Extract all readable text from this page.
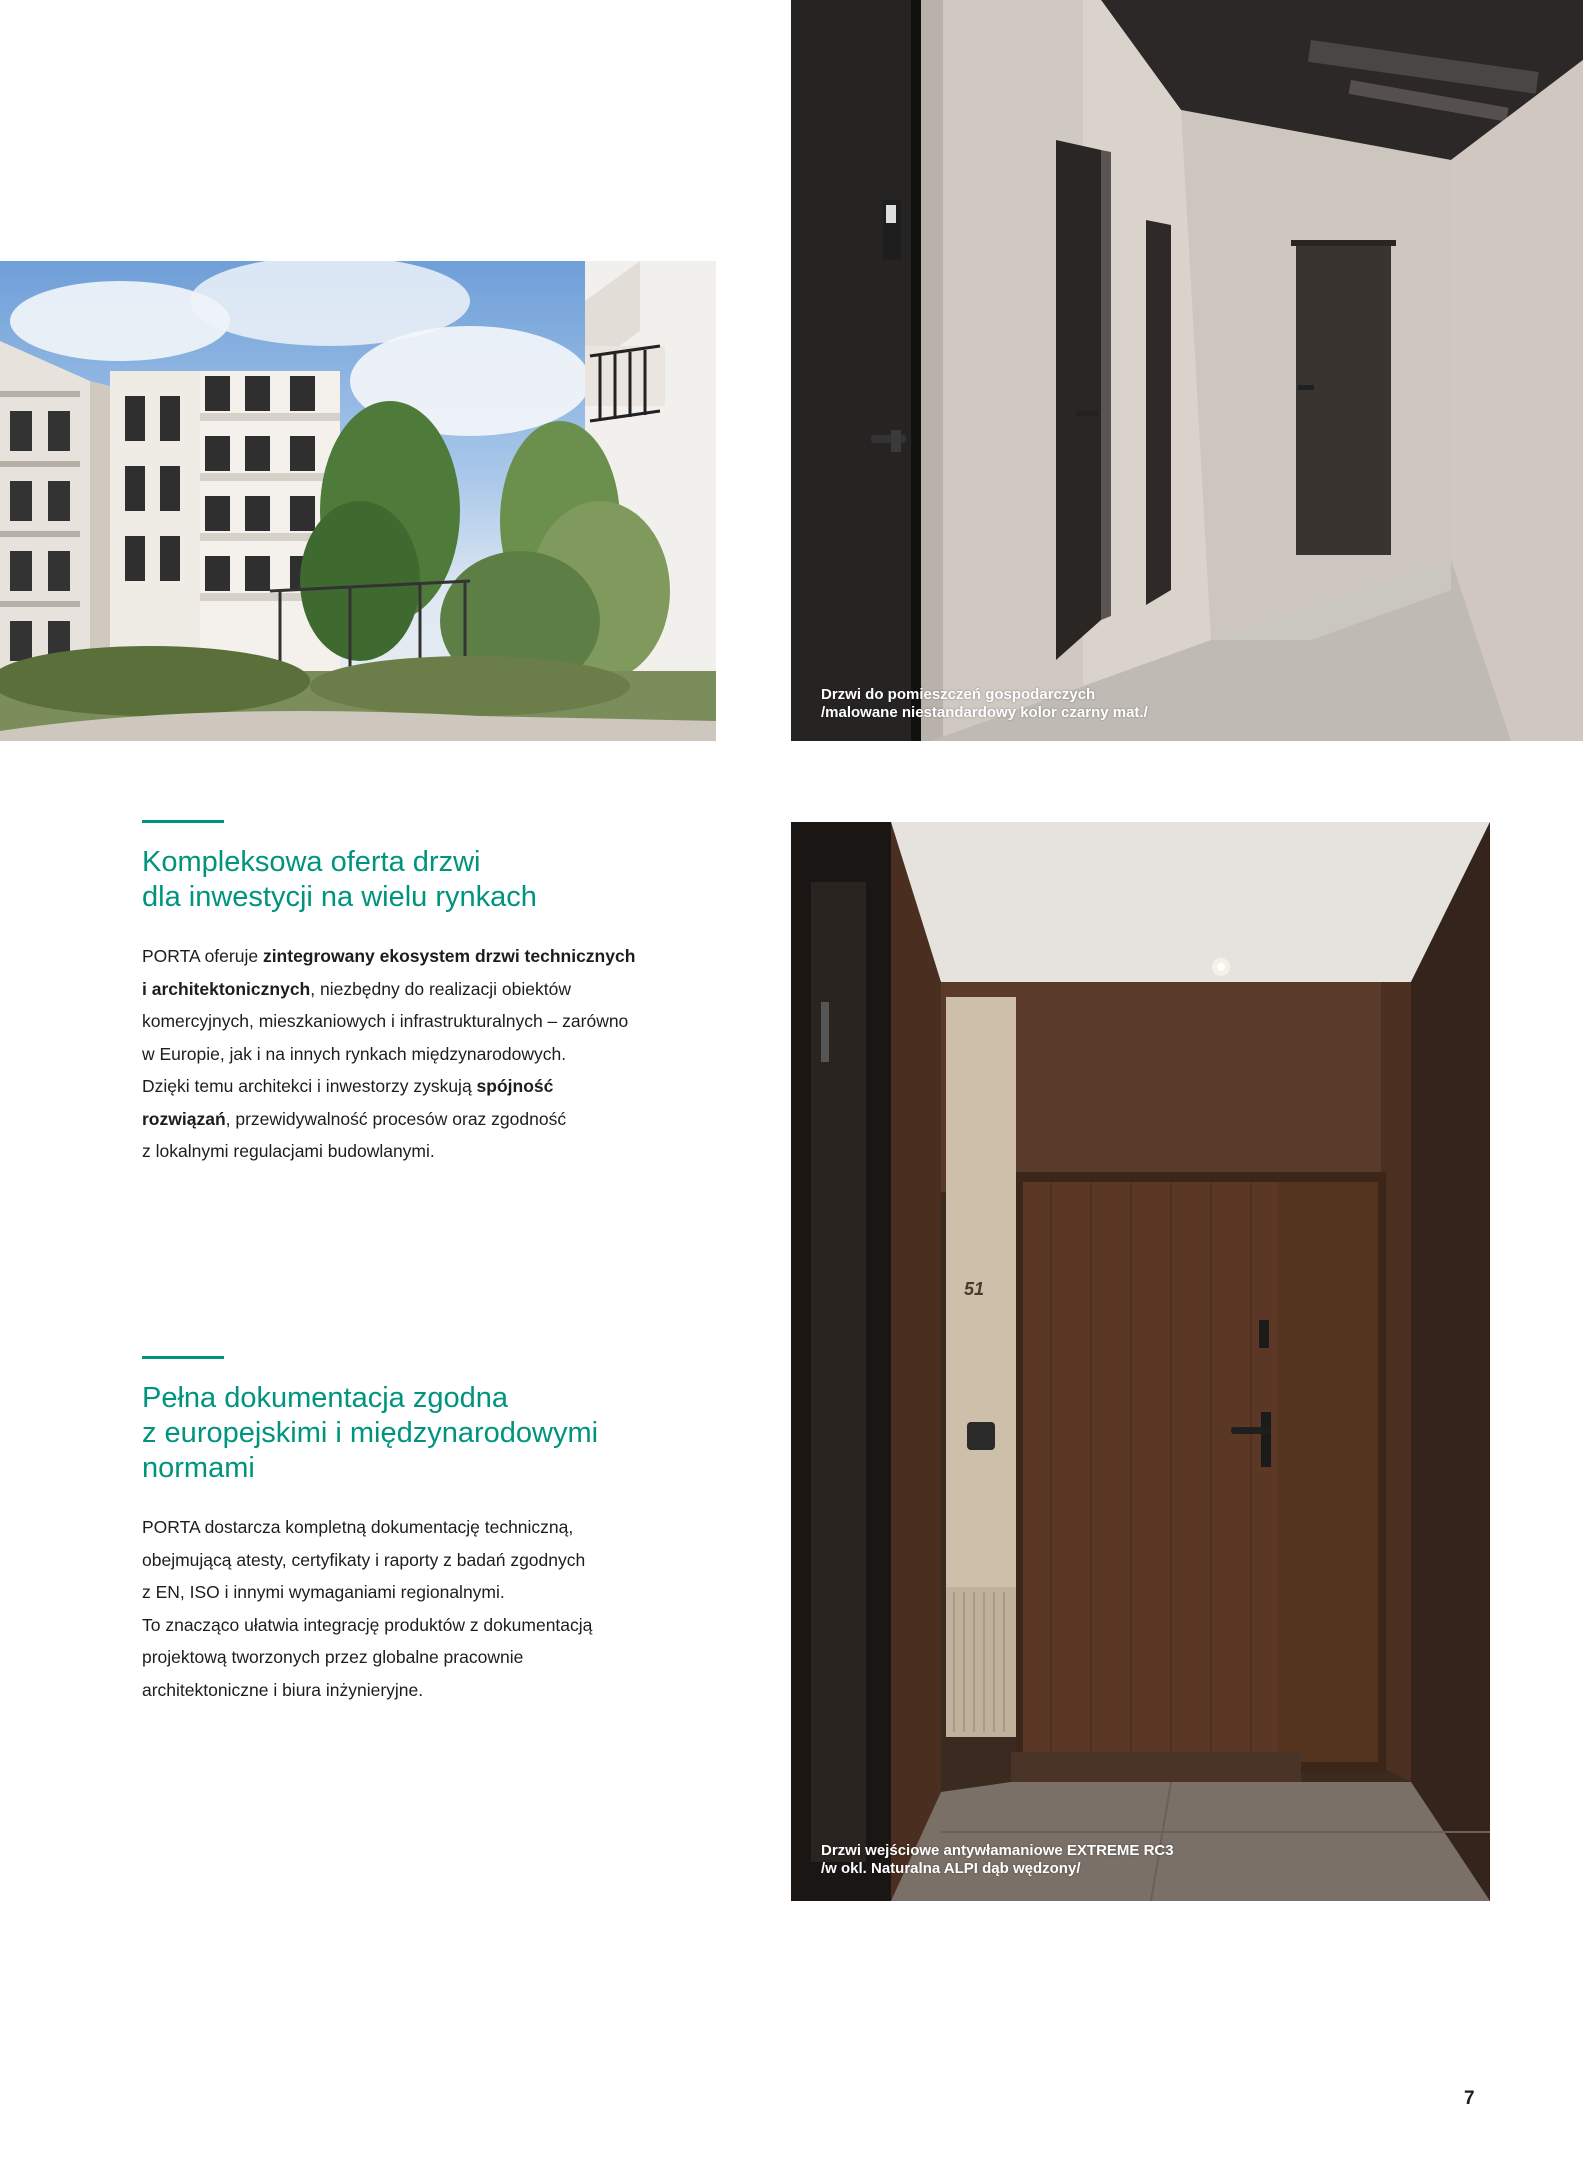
Drzwi do pomieszczeń gospodarczych
/malowane niestandardowy kolor czarny mat./
Kompleksowa oferta drzwi
dla inwestycji na wielu rynkach
PORTA oferuje zintegrowany ekosystem drzwi technicznych
i architektonicznych, niezbędny do realizacji obiektów
komercyjnych, mieszkaniowych i infrastrukturalnych – zarówno
w Europie, jak i na innych rynkach międzynarodowych.
Dzięki temu architekci i inwestorzy zyskują spójność
rozwiązań, przewidywalność procesów oraz zgodność
z lokalnymi regulacjami budowlanymi.
51
Drzwi wejściowe antywłamaniowe EXTREME RC3
/w okl. Naturalna ALPI dąb wędzony/
Pełna dokumentacja zgodna
z europejskimi i międzynarodowymi
normami
PORTA dostarcza kompletną dokumentację techniczną,
obejmującą atesty, certyfikaty i raporty z badań zgodnych
z EN, ISO i innymi wymaganiami regionalnymi.
To znacząco ułatwia integrację produktów z dokumentacją
projektową tworzonych przez globalne pracownie
architektoniczne i biura inżynieryjne.
7
